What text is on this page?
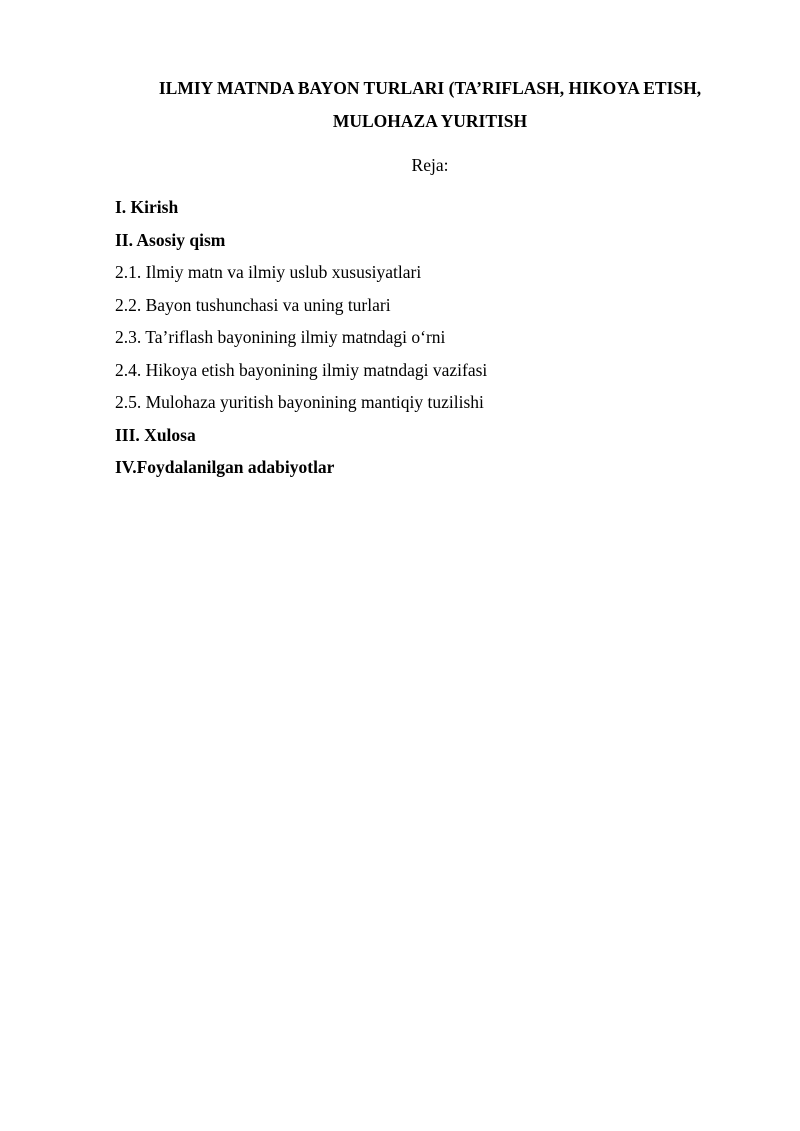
ILMIY MATNDA BAYON TURLARI (TA’RIFLASH, HIKOYA ETISH,
MULOHAZA YURITISH
Reja:
I. Kirish
II. Asosiy qism
2.1. Ilmiy matn va ilmiy uslub xususiyatlari
2.2. Bayon tushunchasi va uning turlari
2.3. Ta’riflash bayonining ilmiy matndagi o‘rni
2.4. Hikoya etish bayonining ilmiy matndagi vazifasi
2.5. Mulohaza yuritish bayonining mantiqiy tuzilishi
III. Xulosa
IV.Foydalanilgan adabiyotlar
